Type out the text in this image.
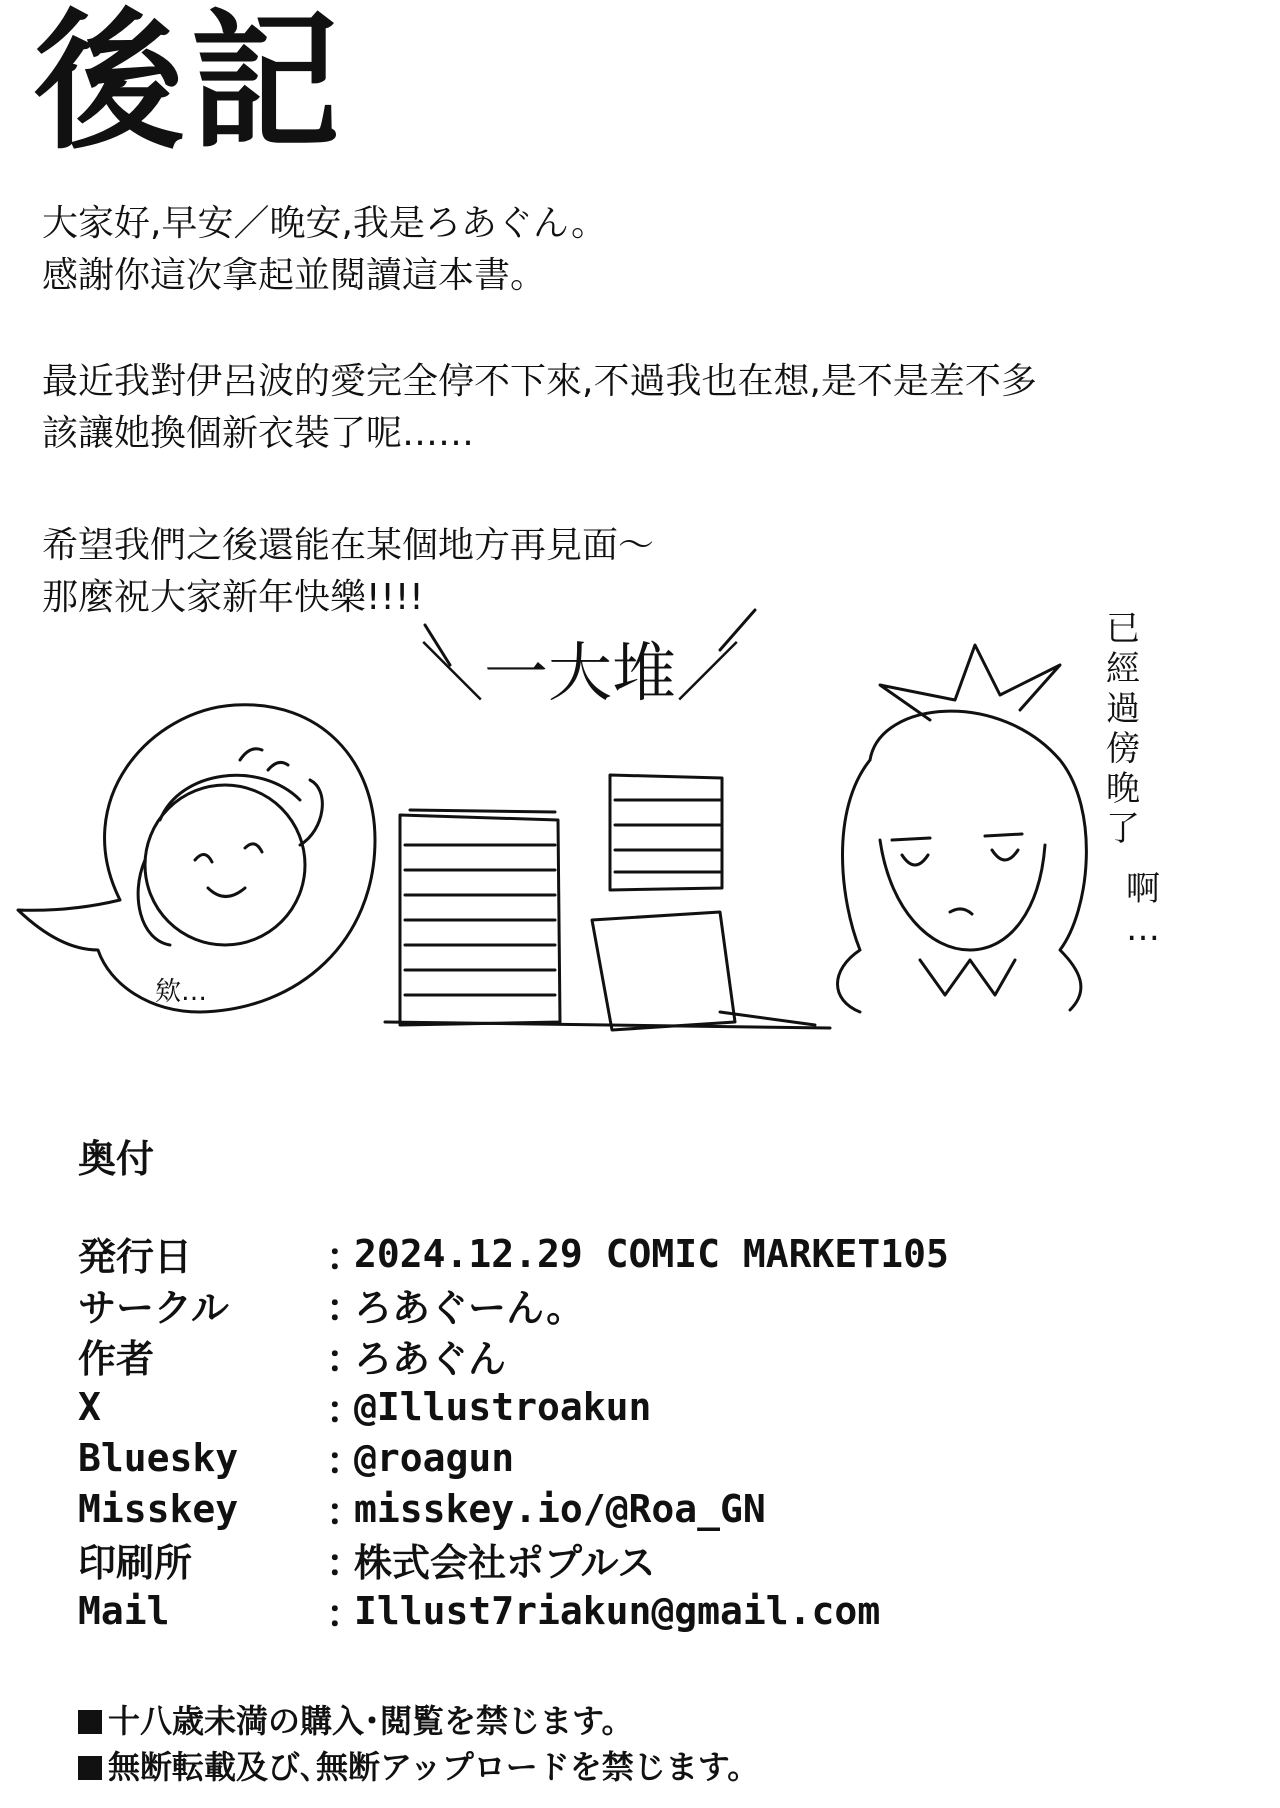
後記
大家好,早安／晚安,我是ろあぐん。
感謝你這次拿起並閱讀這本書。
最近我對伊呂波的愛完全停不下來,不過我也在想,是不是差不多
該讓她換個新衣裝了呢……
希望我們之後還能在某個地方再見面～
那麼祝大家新年快樂!!!!
欸…
＼一大堆／
已
經
過
傍
晚
了
啊
…
奥付
発行日	：
2024.12.29 COMIC MARKET105
サークル	：
ろあぐーん。
作者	：
ろあぐん
X	：
@Illustroakun
Bluesky	：
@roagun
Misskey	：
misskey.io/@Roa_GN
印刷所	：
株式会社ポプルス
Mail	：
Illust7riakun@gmail.com
十八歳未満の購入･閲覧を禁じます。
無断転載及び､無断アップロードを禁じます。
